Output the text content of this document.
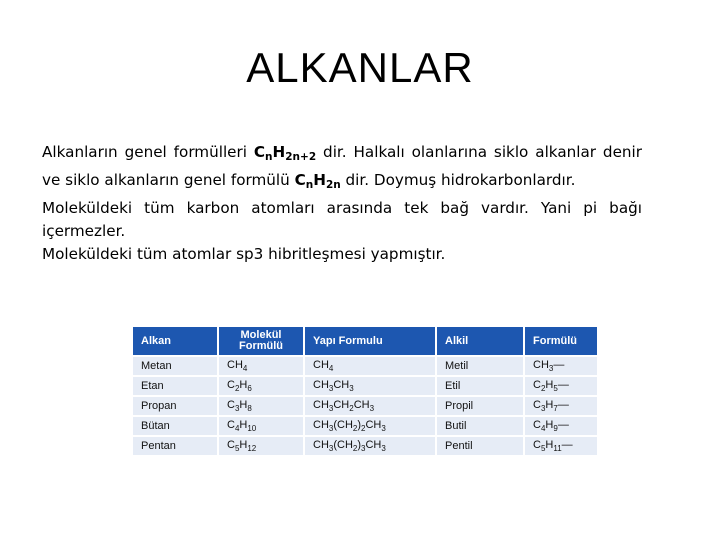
ALKANLAR

Alkanların genel formülleri $C_nH_{2n+2}$ dir. Halkalı olanlarına siklo alkanlar denir ve siklo alkanların genel formülü $C_nH_{2n}$ dir. Doymuş hidrokarbonlardır.

Moleküldeki tüm karbon atomları arasında tek bağ vardır. Yani pi bağı içermezler.

Moleküldeki tüm atomlar sp3 hibritleşmesi yapmıştır.

Alkan	Molekül Formülü	Yapı Formulu	Alkil	Formülü
Metan	$CH_4$	$CH_4$	Metil	$CH_3—$
Etan	$C_2H_6$	$CH_3CH_3$	Etil	$C_2H_5—$
Propan	$C_3H_8$	$CH_3CH_2CH_3$	Propil	$C_3H_7—$
Bütan	$C_4H_{10}$	$CH_3(CH_2)_2CH_3$	Butil	$C_4H_9—$
Pentan	$C_5H_{12}$	$CH_3(CH_2)_3CH_3$	Pentil	$C_5H_{11}—$
